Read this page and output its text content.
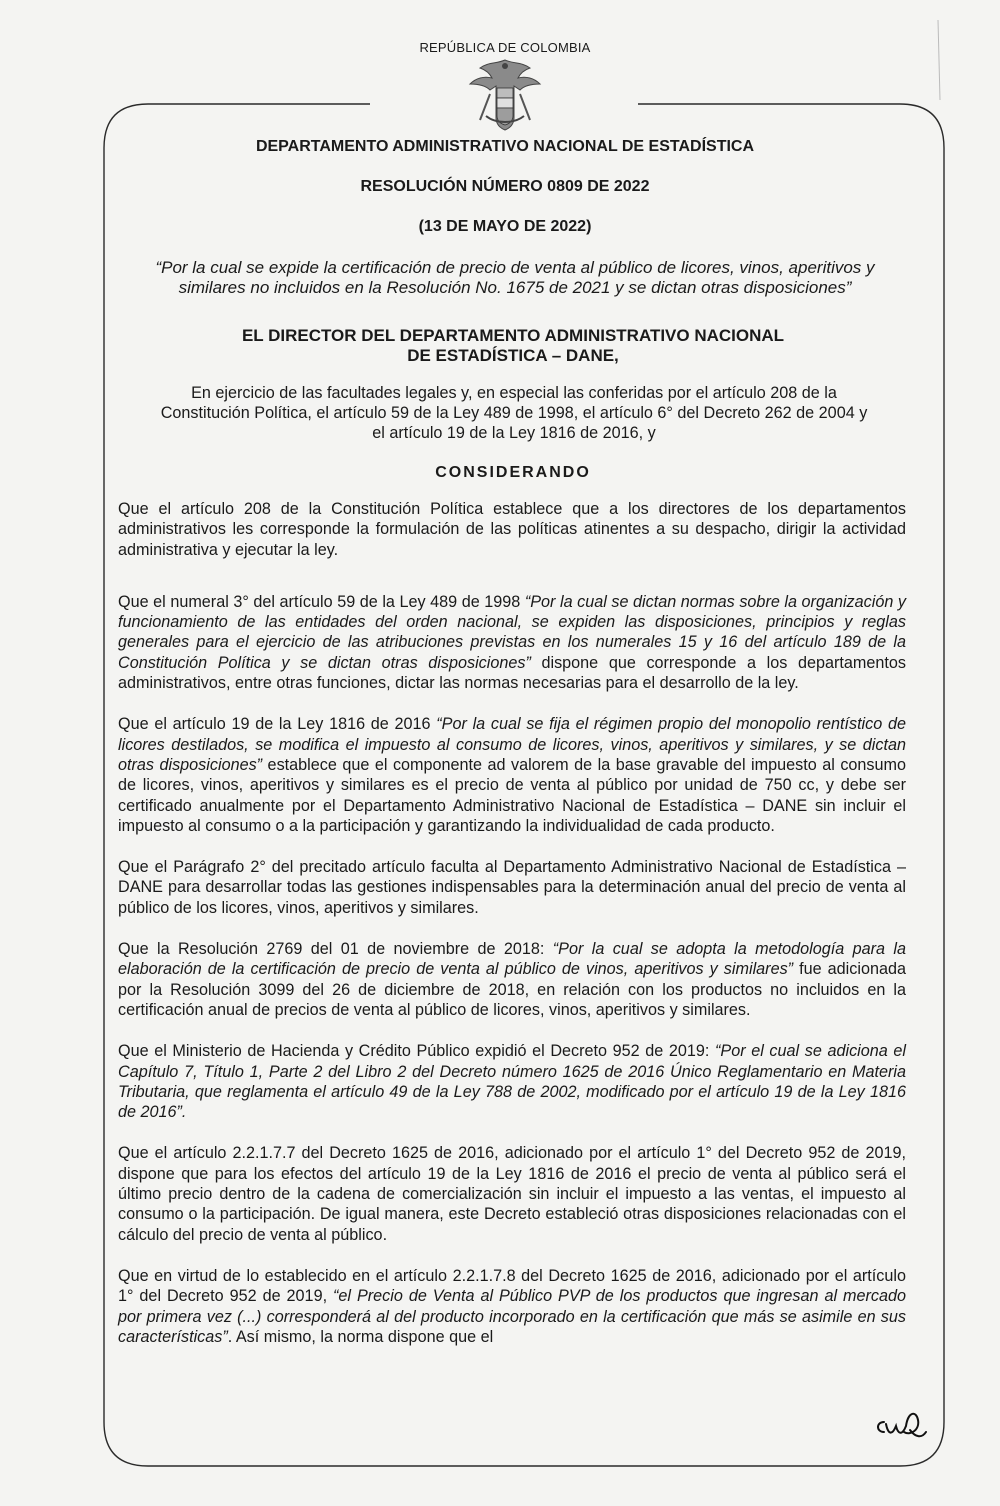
REPÚBLICA DE COLOMBIA
DEPARTAMENTO ADMINISTRATIVO NACIONAL DE ESTADÍSTICA
RESOLUCIÓN NÚMERO 0809 DE 2022
(13 DE MAYO DE 2022)
“Por la cual se expide la certificación de precio de venta al público de licores, vinos, aperitivos y
similares no incluidos en la Resolución No. 1675 de 2021 y se dictan otras disposiciones”
EL DIRECTOR DEL DEPARTAMENTO ADMINISTRATIVO NACIONAL
DE ESTADÍSTICA – DANE,
En ejercicio de las facultades legales y, en especial las conferidas por el artículo 208 de la
Constitución Política, el artículo 59 de la Ley 489 de 1998, el artículo 6° del Decreto 262 de 2004 y
el artículo 19 de la Ley 1816 de 2016, y
CONSIDERANDO

Que el artículo 208 de la Constitución Política establece que a los directores de los departamentos administrativos les corresponde la formulación de las políticas atinentes a su despacho, dirigir la actividad administrativa y ejecutar la ley.

Que el numeral 3° del artículo 59 de la Ley 489 de 1998 “Por la cual se dictan normas sobre la organización y funcionamiento de las entidades del orden nacional, se expiden las disposiciones, principios y reglas generales para el ejercicio de las atribuciones previstas en los numerales 15 y 16 del artículo 189 de la Constitución Política y se dictan otras disposiciones” dispone que corresponde a los departamentos administrativos, entre otras funciones, dictar las normas necesarias para el desarrollo de la ley.

Que el artículo 19 de la Ley 1816 de 2016 “Por la cual se fija el régimen propio del monopolio rentístico de licores destilados, se modifica el impuesto al consumo de licores, vinos, aperitivos y similares, y se dictan otras disposiciones” establece que el componente ad valorem de la base gravable del impuesto al consumo de licores, vinos, aperitivos y similares es el precio de venta al público por unidad de 750 cc, y debe ser certificado anualmente por el Departamento Administrativo Nacional de Estadística – DANE sin incluir el impuesto al consumo o a la participación y garantizando la individualidad de cada producto.

Que el Parágrafo 2° del precitado artículo faculta al Departamento Administrativo Nacional de Estadística – DANE para desarrollar todas las gestiones indispensables para la determinación anual del precio de venta al público de los licores, vinos, aperitivos y similares.

Que la Resolución 2769 del 01 de noviembre de 2018: “Por la cual se adopta la metodología para la elaboración de la certificación de precio de venta al público de vinos, aperitivos y similares” fue adicionada por la Resolución 3099 del 26 de diciembre de 2018, en relación con los productos no incluidos en la certificación anual de precios de venta al público de licores, vinos, aperitivos y similares.

Que el Ministerio de Hacienda y Crédito Público expidió el Decreto 952 de 2019: “Por el cual se adiciona el Capítulo 7, Título 1, Parte 2 del Libro 2 del Decreto número 1625 de 2016 Único Reglamentario en Materia Tributaria, que reglamenta el artículo 49 de la Ley 788 de 2002, modificado por el artículo 19 de la Ley 1816 de 2016”.

Que el artículo 2.2.1.7.7 del Decreto 1625 de 2016, adicionado por el artículo 1° del Decreto 952 de 2019, dispone que para los efectos del artículo 19 de la Ley 1816 de 2016 el precio de venta al público será el último precio dentro de la cadena de comercialización sin incluir el impuesto a las ventas, el impuesto al consumo o la participación. De igual manera, este Decreto estableció otras disposiciones relacionadas con el cálculo del precio de venta al público.

Que en virtud de lo establecido en el artículo 2.2.1.7.8 del Decreto 1625 de 2016, adicionado por el artículo 1° del Decreto 952 de 2019, “el Precio de Venta al Público PVP de los productos que ingresan al mercado por primera vez (...) corresponderá al del producto incorporado en la certificación que más se asimile en sus características”. Así mismo, la norma dispone que el
